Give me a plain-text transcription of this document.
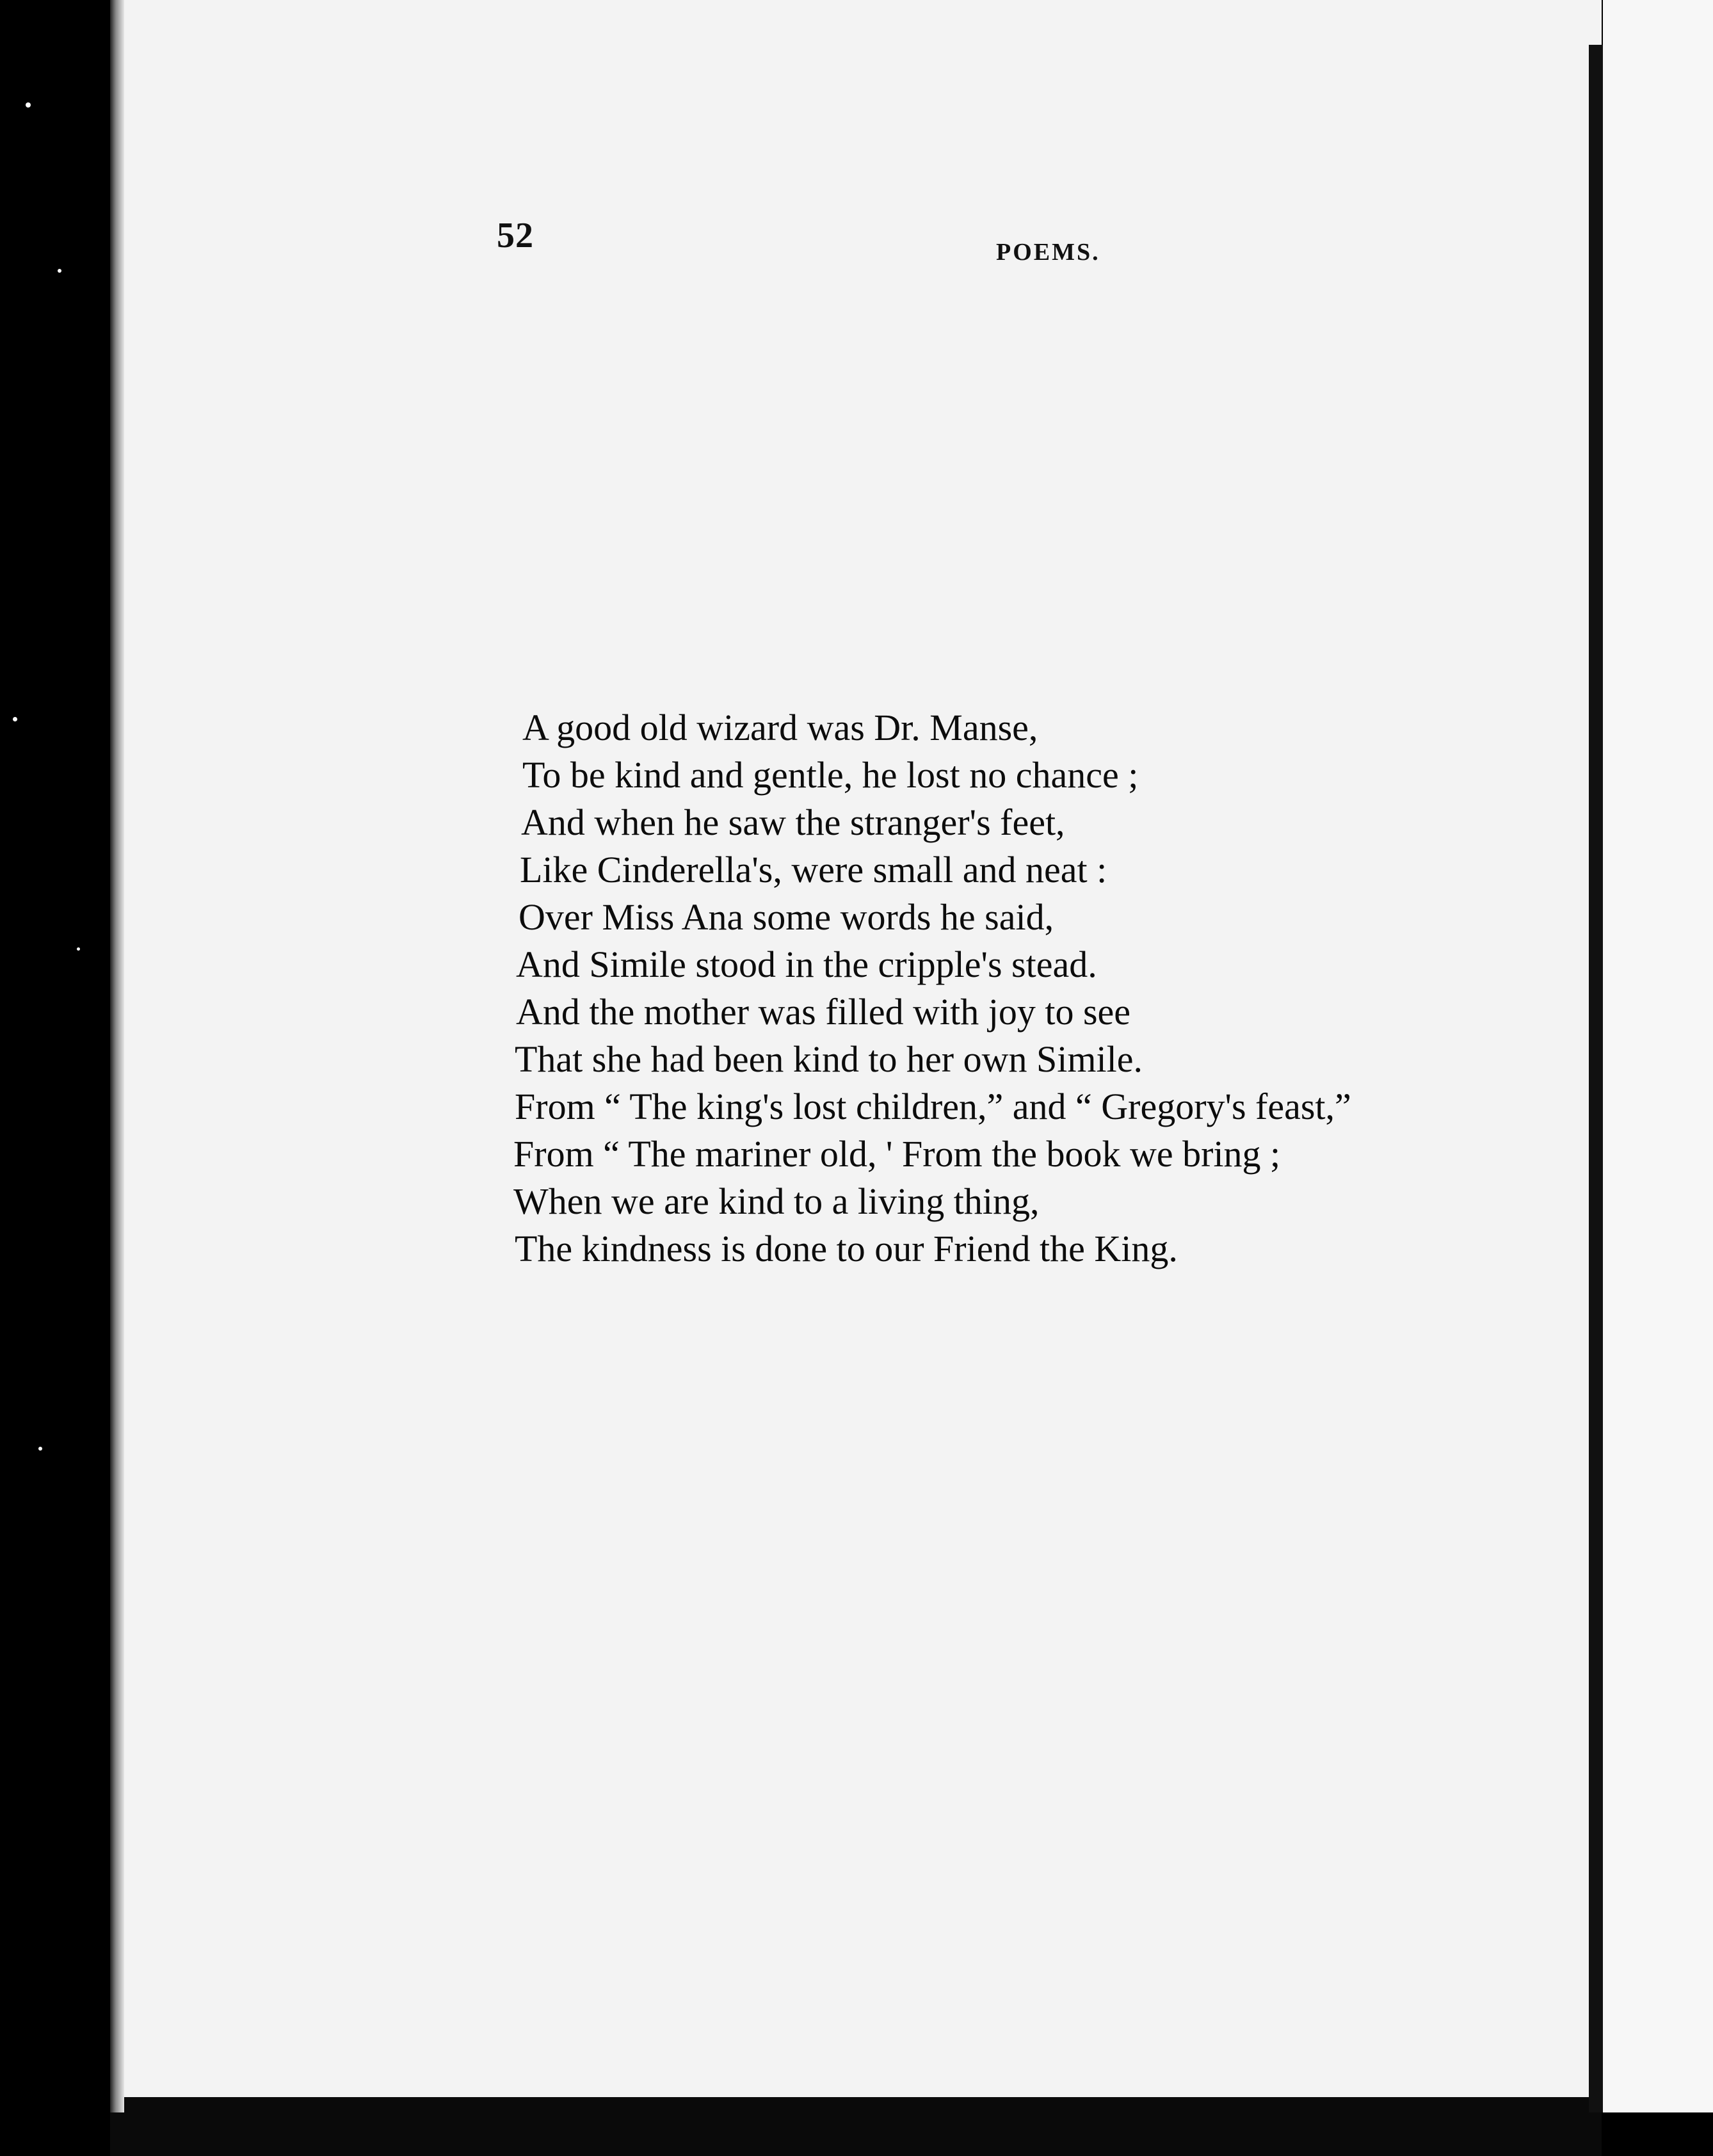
52	POEMS.
A good old wizard was Dr. Manse,
To be kind and gentle, he lost no chance ;
And when he saw the stranger's feet,
Like Cinderella's, were small and neat :
Over Miss Ana some words he said,
And Simile stood in the cripple's stead.
And the mother was filled with joy to see
That she had been kind to her own Simile.
From “ The king's lost children,” and “ Gregory's feast,”
From “ The mariner old, ' From the book we bring ;
When we are kind to a living thing,
The kindness is done to our Friend the King.
